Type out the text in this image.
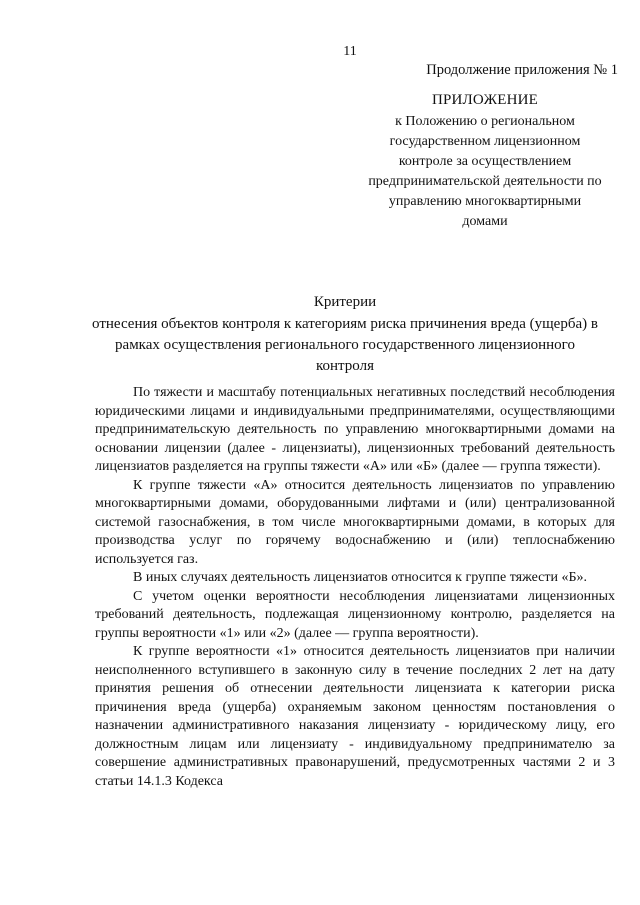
11
Продолжение приложения № 1
ПРИЛОЖЕНИЕ
к Положению о региональном
государственном лицензионном
контроле за осуществлением
предпринимательской деятельности по
управлению многоквартирными
домами
Критерии
отнесения объектов контроля к категориям риска причинения вреда (ущерба) в
рамках осуществления регионального государственного лицензионного
контроля

По тяжести и масштабу потенциальных негативных последствий несоблюдения юридическими лицами и индивидуальными предпринимателями, осуществляющими предпринимательскую деятельность по управлению многоквартирными домами на основании лицензии (далее - лицензиаты), лицензионных требований деятельность лицензиатов разделяется на группы тяжести «А» или «Б» (далее — группа тяжести).

К группе тяжести «А» относится деятельность лицензиатов по управлению многоквартирными домами, оборудованными лифтами и (или) централизованной системой газоснабжения, в том числе многоквартирными домами, в которых для производства услуг по горячему водоснабжению и (или) теплоснабжению используется газ.

В иных случаях деятельность лицензиатов относится к группе тяжести «Б».

С учетом оценки вероятности несоблюдения лицензиатами лицензионных требований деятельность, подлежащая лицензионному контролю, разделяется на группы вероятности «1» или «2» (далее — группа вероятности).

К группе вероятности «1» относится деятельность лицензиатов при наличии неисполненного вступившего в законную силу в течение последних 2 лет на дату принятия решения об отнесении деятельности лицензиата к категории риска причинения вреда (ущерба) охраняемым законом ценностям постановления о назначении административного наказания лицензиату - юридическому лицу, его должностным лицам или лицензиату - индивидуальному предпринимателю за совершение административных правонарушений, предусмотренных частями 2 и 3 статьи 14.1.3 Кодекса
